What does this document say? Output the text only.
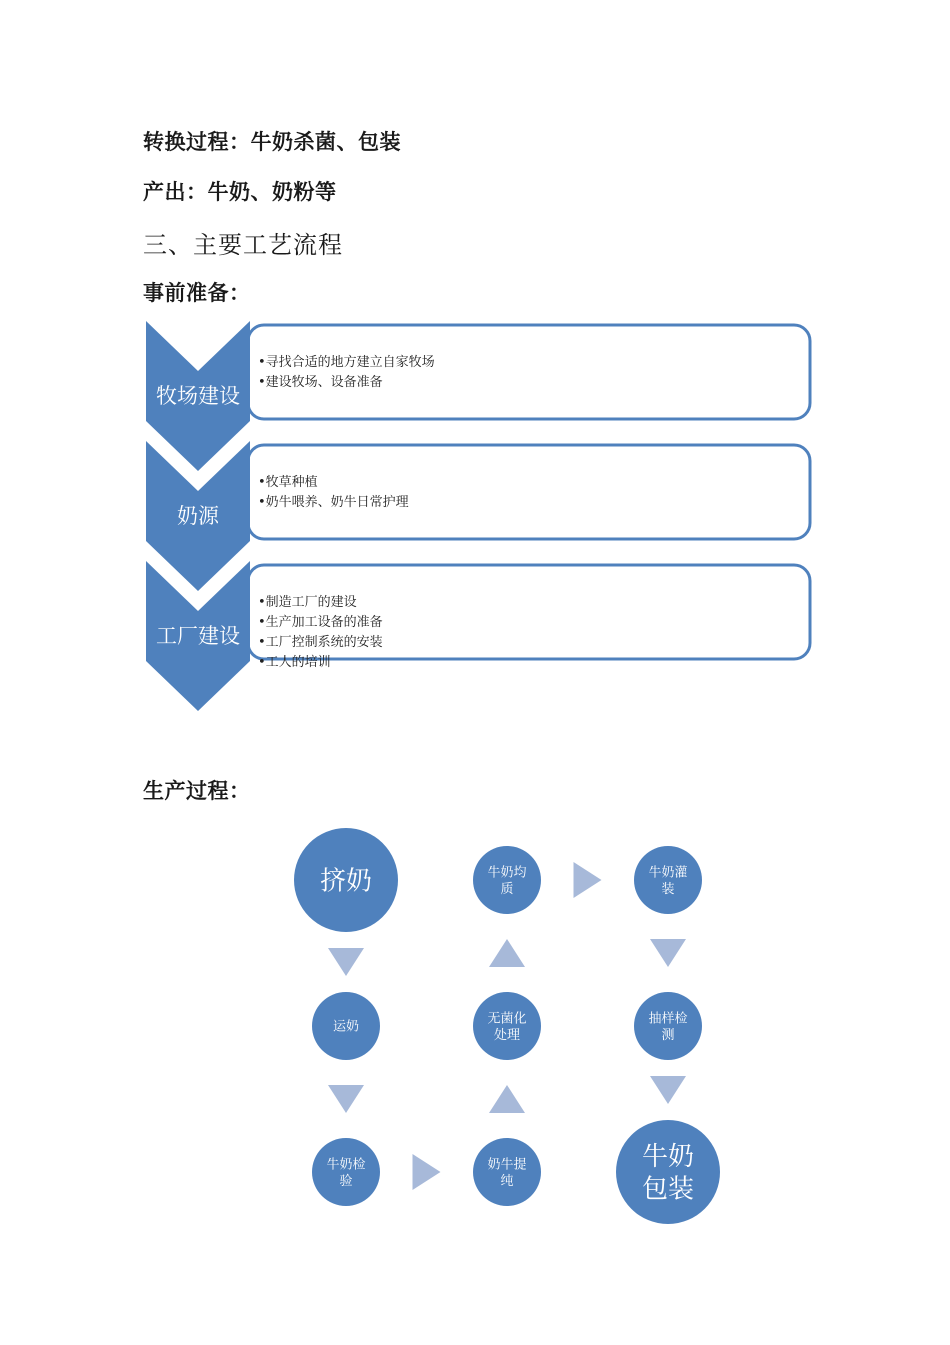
转换过程：牛奶杀菌、包装
产出：牛奶、奶粉等
三、主要工艺流程
事前准备：
生产过程：
牧场建设
•寻找合适的地方建立自家牧场
•建设牧场、设备准备
奶源
•牧草种植
•奶牛喂养、奶牛日常护理
工厂建设
•制造工厂的建设
•生产加工设备的准备
•工厂控制系统的安装
•工人的培训
挤奶
运奶
牛奶检
验
奶牛提
纯
无菌化
处理
牛奶均
质
牛奶灌
装
抽样检
测
牛奶
包装
